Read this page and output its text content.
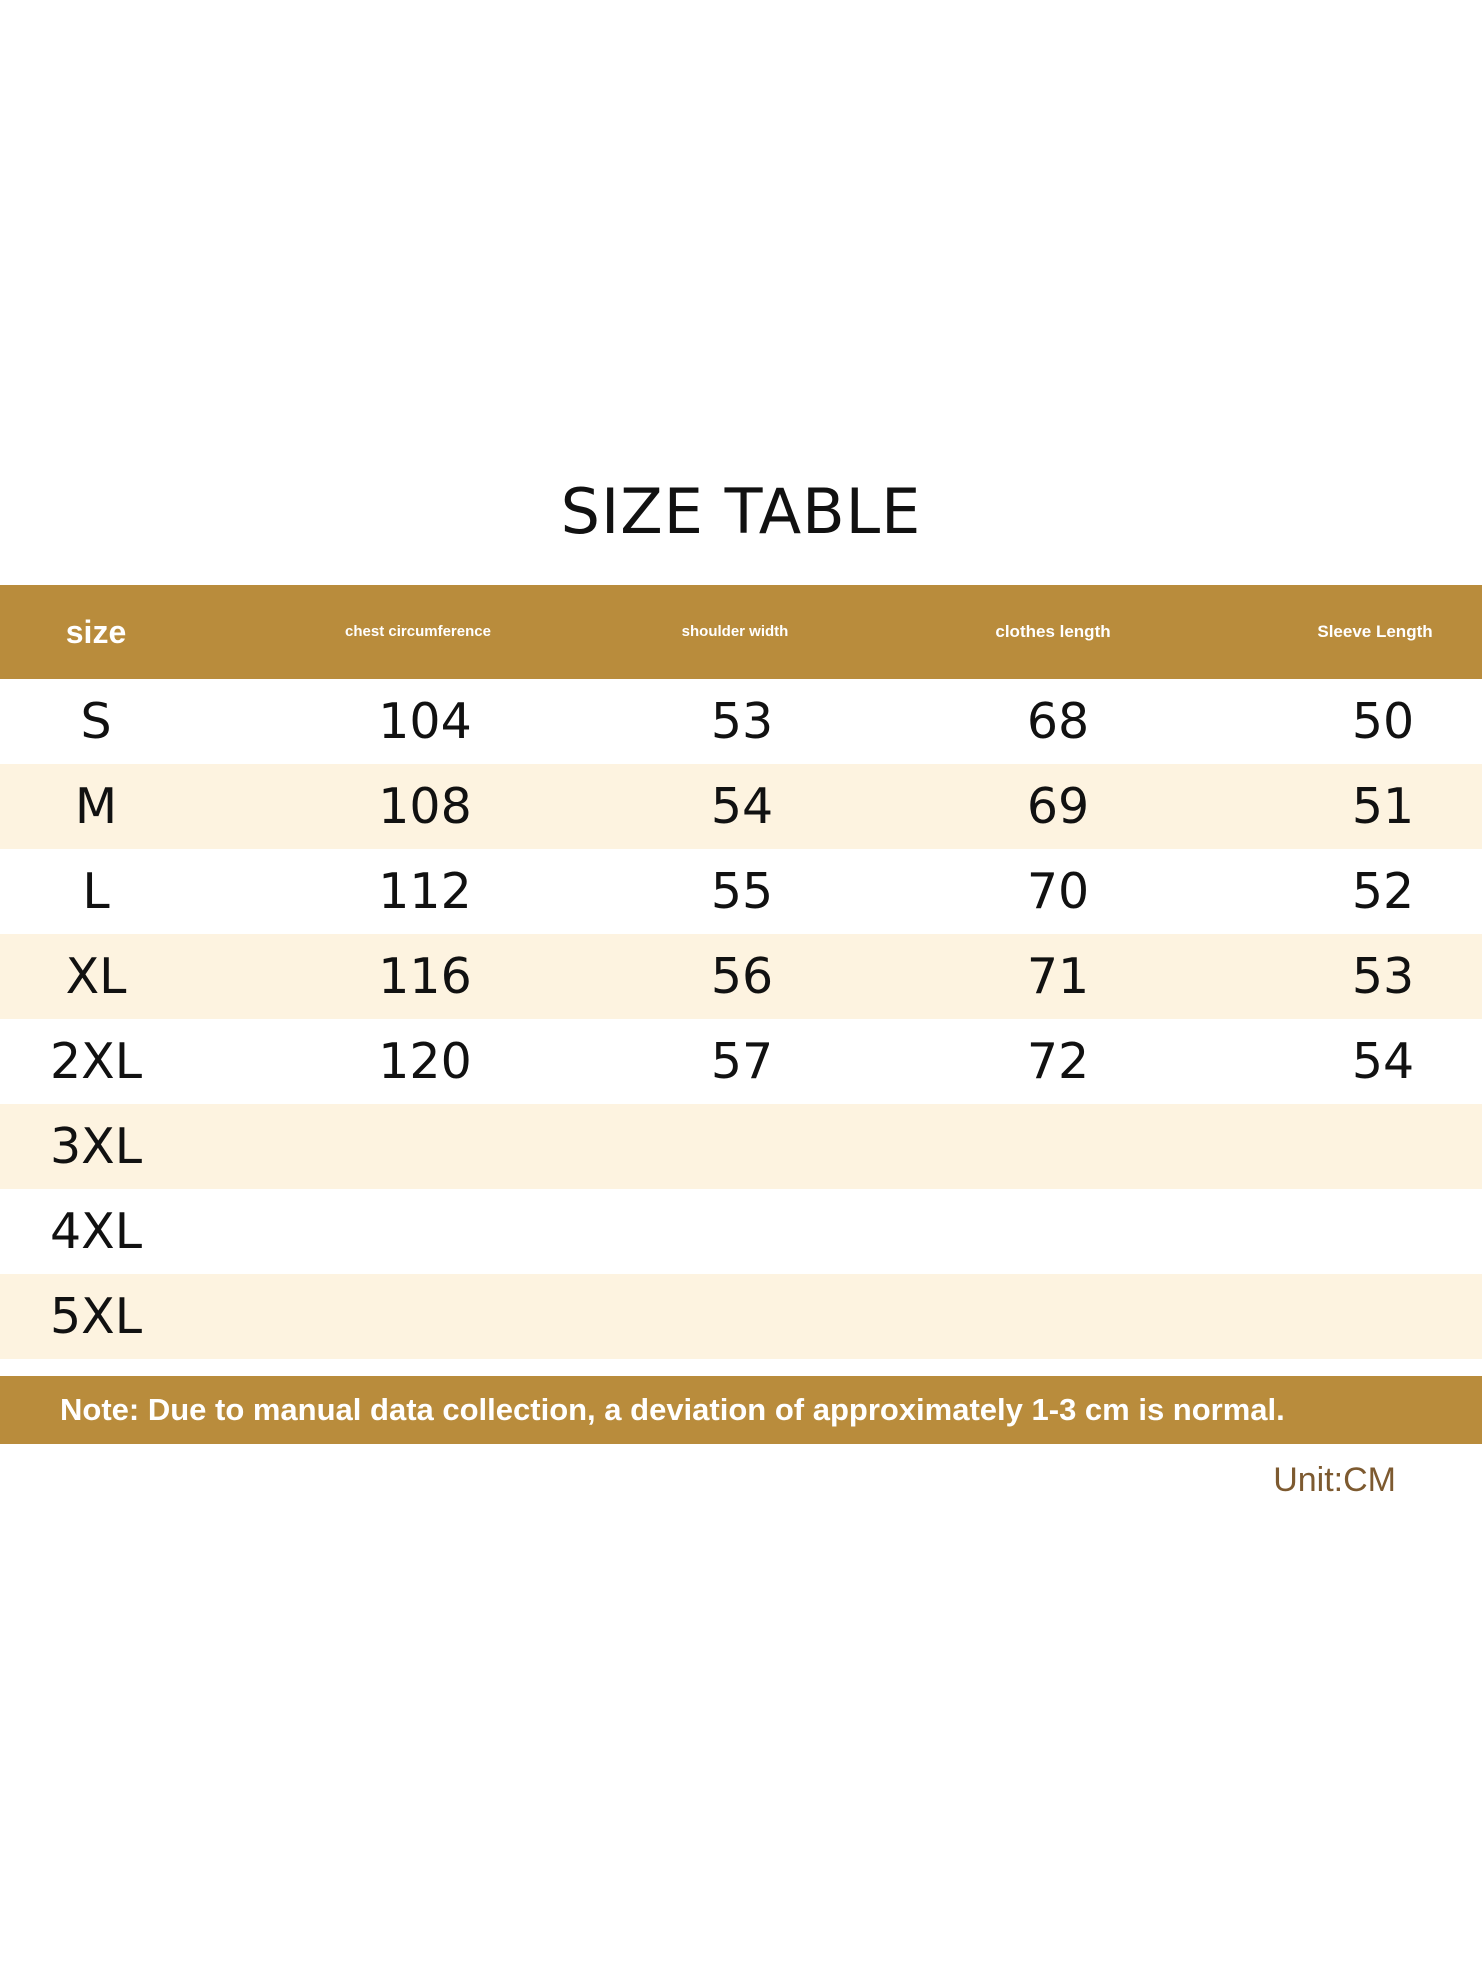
SIZE TABLE
size	chest circumference	shoulder width	clothes length	Sleeve Length
S	104	53	68	50
M	108	54	69	51
L	112	55	70	52
XL	116	56	71	53
2XL	120	57	72	54
3XL
4XL
5XL
Note: Due to manual data collection, a deviation of approximately 1-3 cm is normal.
Unit:CM
